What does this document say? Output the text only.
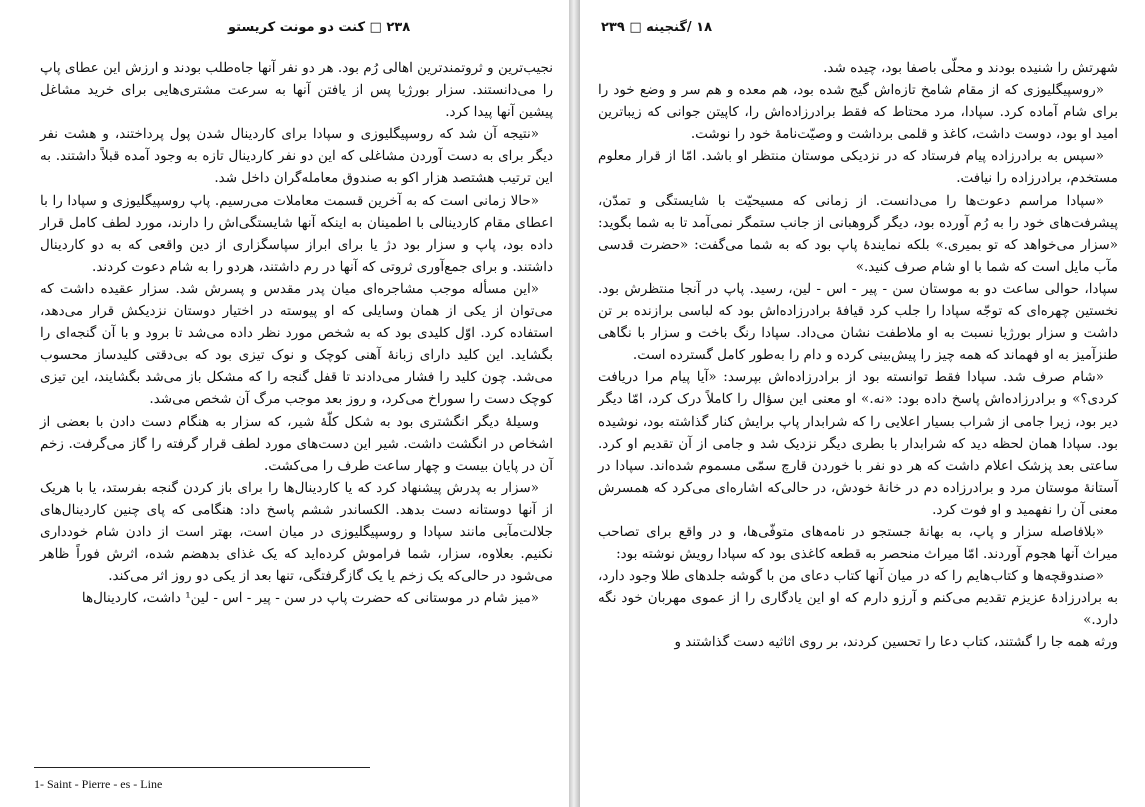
۲۳۸ □ کنت دو مونت کریستو

نجیب‌ترین و ثروتمندترین اهالی رُم بود. هر دو نفر آنها جاه‌طلب بودند و ارزش این عطای پاپ را می‌دانستند. سزار بورژیا پس از یافتن آنها به سرعت مشتری‌هایی برای خرید مشاغل پیشین آنها پیدا کرد.

«نتیجه آن شد که روسپیگلیوزی و سپادا برای کاردینال شدن پول پرداختند، و هشت نفر دیگر برای به دست آوردن مشاغلی که این دو نفر کاردینال تازه به وجود آمده قبلاً داشتند. به این ترتیب هشتصد هزار اکو به صندوق معامله‌گران داخل شد.

«حالا زمانی است که به آخرین قسمت معاملات می‌رسیم. پاپ روسپیگلیوزی و سپادا را با اعطای مقام کاردینالی با اطمینان به اینکه آنها شایستگی‌اش را دارند، مورد لطف کامل قرار داده بود، پاپ و سزار بود دژ یا برای ابراز سپاسگزاری از دین واقعی که به دو کاردینال داشتند. و برای جمع‌آوری ثروتی که آنها در رم داشتند، هردو را به شام دعوت کردند.

«این مسأله موجب مشاجره‌ای میان پدر مقدس و پسرش شد. سزار عقیده داشت که می‌توان از یکی از همان وسایلی که او پیوسته در اختیار دوستان نزدیکش قرار می‌دهد، استفاده کرد. اوّل کلیدی بود که به شخص مورد نظر داده می‌شد تا برود و با آن گنجه‌ای را بگشاید. این کلید دارای زبانهٔ آهنی کوچک و نوک تیزی بود که بی‌دقتی کلیدساز محسوب می‌شد. چون کلید را فشار می‌دادند تا قفل گنجه را که مشکل باز می‌شد بگشایند، این تیزی کوچک دست را سوراخ می‌کرد، و روز بعد موجب مرگ آن شخص می‌شد.

وسیلهٔ دیگر انگشتری بود به شکل کلّهٔ شیر، که سزار به هنگام دست دادن با بعضی از اشخاص در انگشت داشت. شیر این دست‌های مورد لطف قرار گرفته را گاز می‌گرفت. زخم آن در پایان بیست و چهار ساعت طرف را می‌کشت.

«سزار به پدرش پیشنهاد کرد که یا کاردینال‌ها را برای باز کردن گنجه بفرستد، یا با هریک از آنها دوستانه دست بدهد. الکساندر ششم پاسخ داد: هنگامی که پای چنین کاردینال‌های جلالت‌مآبی مانند سپادا و روسپیگلیوزی در میان است، بهتر است از دادن شام خودداری نکنیم. بعلاوه، سزار، شما فراموش کرده‌اید که یک غذای بدهضم شده، اثرش فوراً ظاهر می‌شود در حالی‌که یک زخم یا یک گازگرفتگی، تنها بعد از یکی دو روز اثر می‌کند.

«میز شام در موستانی که حضرت پاپ در سن - پیر - اس - لین¹ داشت، کاردینال‌ها

1- Saint - Pierre - es - Line
۱۸ /گنجینه □ ۲۳۹

شهرتش را شنیده بودند و محلّی باصفا بود، چیده شد.

«روسپیگلیوزی که از مقام شامخ تازه‌اش گیج شده بود، هم معده و هم سر و وضع خود را برای شام آماده کرد. سپادا، مرد محتاط که فقط برادرزاده‌اش را، کاپیتن جوانی که زیباترین امید او بود، دوست داشت، کاغذ و قلمی برداشت و وصیّت‌نامهٔ خود را نوشت.

«سپس به برادرزاده پیام فرستاد که در نزدیکی موستان منتظر او باشد. امّا از قرار معلوم مستخدم، برادرزاده را نیافت.

«سپادا مراسم دعوت‌ها را می‌دانست. از زمانی که مسیحیّت با شایستگی و تمدّن، پیشرفت‌های خود را به رُم آورده بود، دیگر گروهبانی از جانب ستمگر نمی‌آمد تا به شما بگوید: «سزار می‌خواهد که تو بمیری.» بلکه نمایندهٔ پاپ بود که به شما می‌گفت: «حضرت قدسی مآب مایل است که شما با او شام صرف کنید.»

سپادا، حوالی ساعت دو به موستان سن - پیر - اس - لین، رسید. پاپ در آنجا منتظرش بود. نخستین چهره‌ای که توجّه سپادا را جلب کرد قیافهٔ برادرزاده‌اش بود که لباسی برازنده بر تن داشت و سزار بورژیا نسبت به او ملاطفت نشان می‌داد. سپادا رنگ باخت و سزار با نگاهی طنزآمیز به او فهماند که همه چیز را پیش‌بینی کرده و دام را به‌طور کامل گسترده است.

«شام صرف شد. سپادا فقط توانسته بود از برادرزاده‌اش بپرسد: «آیا پیام مرا دریافت کردی؟» و برادرزاده‌اش پاسخ داده بود: «نه.» او معنی این سؤال را کاملاً درک کرد، امّا دیگر دیر بود، زیرا جامی از شراب بسیار اعلایی را که شرابدار پاپ برایش کنار گذاشته بود، نوشیده بود. سپادا همان لحظه دید که شرابدار با بطری دیگر نزدیک شد و جامی از آن تقدیم او کرد. ساعتی بعد پزشک اعلام داشت که هر دو نفر با خوردن قارچ سمّی مسموم شده‌اند. سپادا در آستانهٔ موستان مرد و برادرزاده دم در خانهٔ خودش، در حالی‌که اشاره‌ای می‌کرد که همسرش معنی آن را نفهمید و او فوت کرد.

«بلافاصله سزار و پاپ، به بهانهٔ جستجو در نامه‌های متوفّی‌ها، و در واقع برای تصاحب میراث آنها هجوم آوردند. امّا میراث منحصر به قطعه کاغذی بود که سپادا رویش نوشته بود:

«صندوقچه‌ها و کتاب‌هایم را که در میان آنها کتاب دعای من با گوشه جلدهای طلا وجود دارد، به برادرزادهٔ عزیزم تقدیم می‌کنم و آرزو دارم که او این یادگاری را از عموی مهربان خود نگه دارد.»

ورثه همه جا را گشتند، کتاب دعا را تحسین کردند، بر روی اثاثیه دست گذاشتند و
